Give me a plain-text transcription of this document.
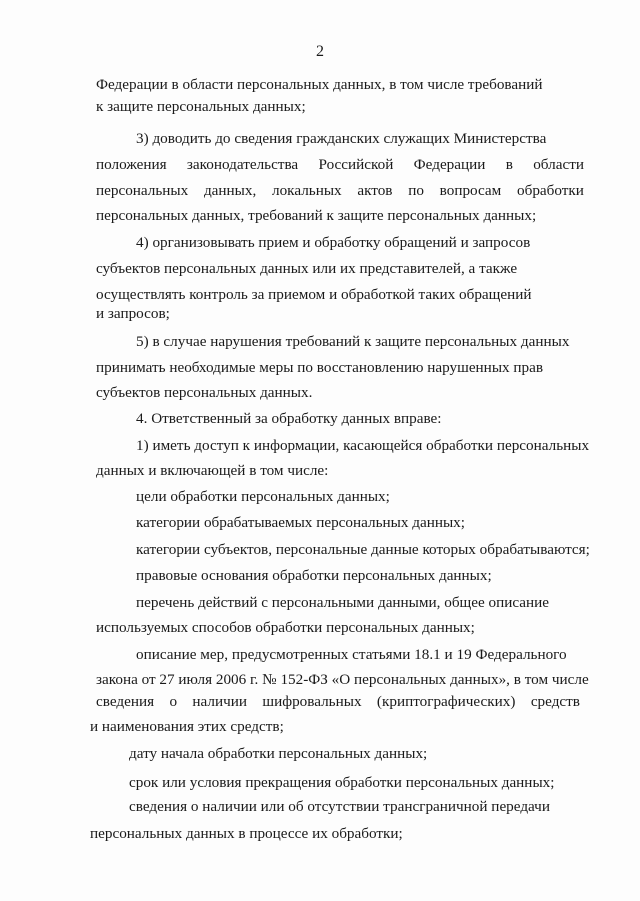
2
Федерации в области персональных данных, в том числе требований
к защите персональных данных;
3) доводить до сведения гражданских служащих Министерства
положения законодательства Российской Федерации в области
персональных данных, локальных актов по вопросам обработки
персональных данных, требований к защите персональных данных;
4) организовывать прием и обработку обращений и запросов
субъектов персональных данных или их представителей, а также
осуществлять контроль за приемом и обработкой таких обращений
и запросов;
5) в случае нарушения требований к защите персональных данных
принимать необходимые меры по восстановлению нарушенных прав
субъектов персональных данных.
4. Ответственный за обработку данных вправе:
1) иметь доступ к информации, касающейся обработки персональных
данных и включающей в том числе:
цели обработки персональных данных;
категории обрабатываемых персональных данных;
категории субъектов, персональные данные которых обрабатываются;
правовые основания обработки персональных данных;
перечень действий с персональными данными, общее описание
используемых способов обработки персональных данных;
описание мер, предусмотренных статьями 18.1 и 19 Федерального
закона от 27 июля 2006 г. № 152-ФЗ «О персональных данных», в том числе
сведения о наличии шифровальных (криптографических) средств
и наименования этих средств;
дату начала обработки персональных данных;
срок или условия прекращения обработки персональных данных;
сведения о наличии или об отсутствии трансграничной передачи
персональных данных в процессе их обработки;
